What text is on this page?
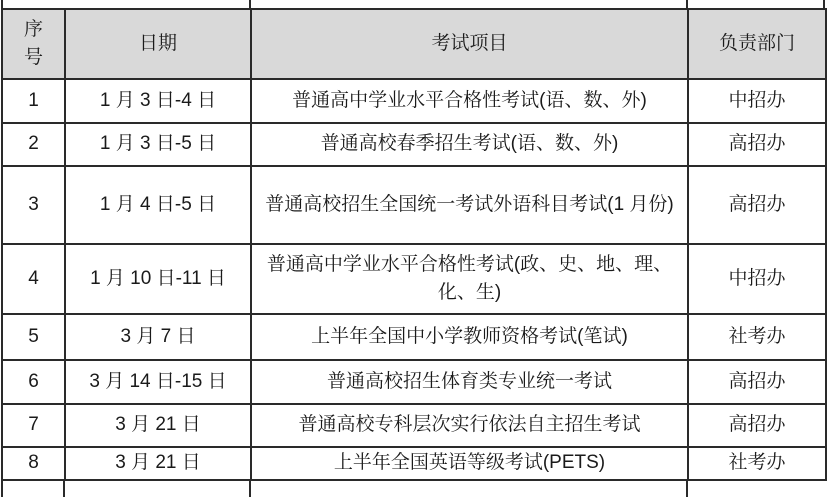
序号	日期	考试项目	负责部门
1	1 月 3 日-4 日	普通高中学业水平合格性考试(语、数、外)	中招办
2	1 月 3 日-5 日	普通高校春季招生考试(语、数、外)	高招办
3	1 月 4 日-5 日	普通高校招生全国统一考试外语科目考试(1 月份)	高招办
4	1 月 10 日-11 日	普通高中学业水平合格性考试(政、史、地、理、化、生)	中招办
5	3 月 7 日	上半年全国中小学教师资格考试(笔试)	社考办
6	3 月 14 日-15 日	普通高校招生体育类专业统一考试	高招办
7	3 月 21 日	普通高校专科层次实行依法自主招生考试	高招办
8	3 月 21 日	上半年全国英语等级考试(PETS)	社考办
